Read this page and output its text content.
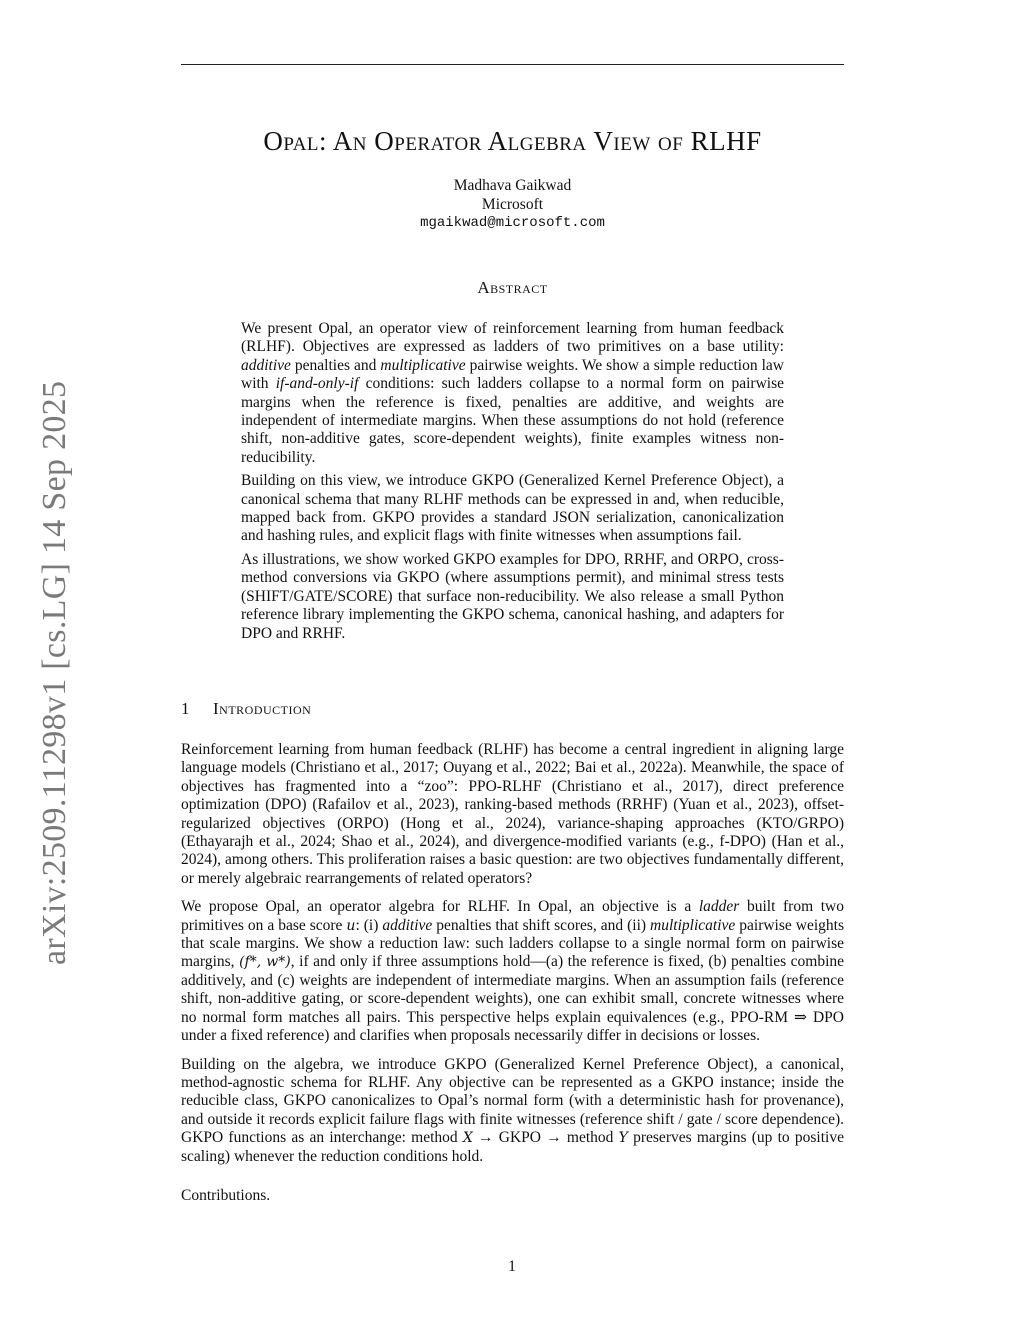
Opal: An Operator Algebra View of RLHF
Madhava Gaikwad
Microsoft
mgaikwad@microsoft.com
Abstract

We present Opal, an operator view of reinforcement learning from human feedback (RLHF). Objectives are expressed as ladders of two primitives on a base utility: additive penalties and multiplicative pairwise weights. We show a simple reduction law with if-and-only-if conditions: such ladders collapse to a normal form on pairwise margins when the reference is fixed, penalties are additive, and weights are independent of intermediate margins. When these assumptions do not hold (reference shift, non-additive gates, score-dependent weights), finite examples witness non-reducibility.

Building on this view, we introduce GKPO (Generalized Kernel Preference Object), a canonical schema that many RLHF methods can be expressed in and, when reducible, mapped back from. GKPO provides a standard JSON serialization, canonicalization and hashing rules, and explicit flags with finite witnesses when assumptions fail.

As illustrations, we show worked GKPO examples for DPO, RRHF, and ORPO, cross-method conversions via GKPO (where assumptions permit), and minimal stress tests (SHIFT/GATE/SCORE) that surface non-reducibility. We also release a small Python reference library implementing the GKPO schema, canonical hashing, and adapters for DPO and RRHF.

1 Introduction

Reinforcement learning from human feedback (RLHF) has become a central ingredient in aligning large language models (Christiano et al., 2017; Ouyang et al., 2022; Bai et al., 2022a). Meanwhile, the space of objectives has fragmented into a “zoo”: PPO-RLHF (Christiano et al., 2017), direct preference optimization (DPO) (Rafailov et al., 2023), ranking-based methods (RRHF) (Yuan et al., 2023), offset-regularized objectives (ORPO) (Hong et al., 2024), variance-shaping approaches (KTO/GRPO) (Ethayarajh et al., 2024; Shao et al., 2024), and divergence-modified variants (e.g., f-DPO) (Han et al., 2024), among others. This proliferation raises a basic question: are two objectives fundamentally different, or merely algebraic rearrangements of related operators?

We propose Opal, an operator algebra for RLHF. In Opal, an objective is a ladder built from two primitives on a base score u: (i) additive penalties that shift scores, and (ii) multiplicative pairwise weights that scale margins. We show a reduction law: such ladders collapse to a single normal form on pairwise margins, (f*, w*), if and only if three assumptions hold—(a) the reference is fixed, (b) penalties combine additively, and (c) weights are independent of intermediate margins. When an assumption fails (reference shift, non-additive gating, or score-dependent weights), one can exhibit small, concrete witnesses where no normal form matches all pairs. This perspective helps explain equivalences (e.g., PPO-RM ⇒ DPO under a fixed reference) and clarifies when proposals necessarily differ in decisions or losses.

Building on the algebra, we introduce GKPO (Generalized Kernel Preference Object), a canonical, method-agnostic schema for RLHF. Any objective can be represented as a GKPO instance; inside the reducible class, GKPO canonicalizes to Opal’s normal form (with a deterministic hash for provenance), and outside it records explicit failure flags with finite witnesses (reference shift / gate / score dependence). GKPO functions as an interchange: method X → GKPO → method Y preserves margins (up to positive scaling) whenever the reduction conditions hold.

Contributions.

arXiv:2509.11298v1 [cs.LG] 14 Sep 2025
1
